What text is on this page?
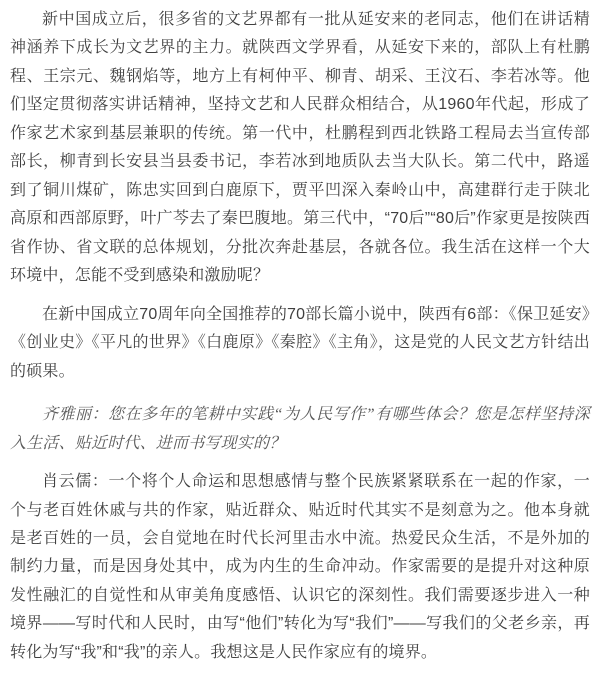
新中国成立后，很多省的文艺界都有一批从延安来的老同志，他们在讲话精神涵养下成长为文艺界的主力。就陕西文学界看，从延安下来的，部队上有杜鹏程、王宗元、魏钢焰等，地方上有柯仲平、柳青、胡采、王汶石、李若冰等。他们坚定贯彻落实讲话精神，坚持文艺和人民群众相结合，从1960年代起，形成了作家艺术家到基层兼职的传统。第一代中，杜鹏程到西北铁路工程局去当宣传部部长，柳青到长安县当县委书记，李若冰到地质队去当大队长。第二代中，路遥到了铜川煤矿，陈忠实回到白鹿原下，贾平凹深入秦岭山中，高建群行走于陕北高原和西部原野，叶广芩去了秦巴腹地。第三代中，“70后”“80后”作家更是按陕西省作协、省文联的总体规划，分批次奔赴基层，各就各位。我生活在这样一个大环境中，怎能不受到感染和激励呢？

在新中国成立70周年向全国推荐的70部长篇小说中，陕西有6部：《保卫延安》《创业史》《平凡的世界》《白鹿原》《秦腔》《主角》，这是党的人民文艺方针结出的硕果。

齐雅丽：您在多年的笔耕中实践“为人民写作”有哪些体会？您是怎样坚持深入生活、贴近时代、进而书写现实的？

肖云儒：一个将个人命运和思想感情与整个民族紧紧联系在一起的作家，一个与老百姓休戚与共的作家，贴近群众、贴近时代其实不是刻意为之。他本身就是老百姓的一员，会自觉地在时代长河里击水中流。热爱民众生活，不是外加的制约力量，而是因身处其中，成为内生的生命冲动。作家需要的是提升对这种原发性融汇的自觉性和从审美角度感悟、认识它的深刻性。我们需要逐步进入一种境界——写时代和人民时，由写“他们”转化为写“我们”——写我们的父老乡亲，再转化为写“我”和“我”的亲人。我想这是人民作家应有的境界。
